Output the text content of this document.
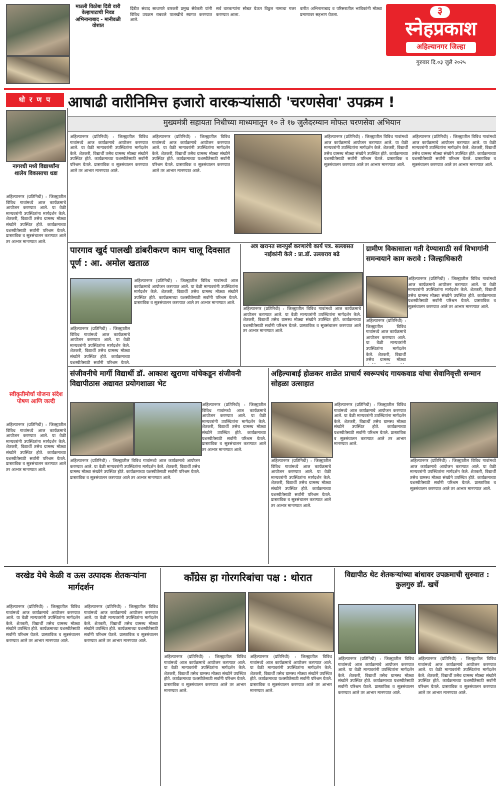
माउली विठोबा दिंडी वारी वेल्हापाटाची निवड अभिनानाबाद - मानीवळी वोशात
दिंडीत संवाद साधणारे वारकरी प्रमुख सेवेकरी यांनी विविध उपक्रम राबवले पालखीचे स्वागत करण्यात आले.
सर्व वारकऱ्यांना सोबत घेऊन विठ्ठल नामाचा गजर करण्यात आला.
वारीत अभिनानाबाद व परिसरातील भाविकांनी मोठ्या प्रमाणावर सहभाग घेतला.	३
स्नेहप्रकाश
अहिल्यानगर जिल्हा
गुरुवार दि.०३ जुलै २०२५
धो र ण प	आषाढी वारीनिमित्त हजारो वारकऱ्यांसाठी 'चरणसेवा' उपक्रम !
मुख्यमंत्री सहायता निधीच्या माध्यमातून १० ते १७ जुलैदरम्यान मोफत चरणसेवा अभियान
नागरधी मध्ये विद्यार्थ्यांना शालेय विकासाचा धडा
अहिल्यानगर (प्रतिनिधी) : जिल्ह्यातील विविध गावांमध्ये आज कार्यक्रमाचे आयोजन करण्यात आले. या वेळी मान्यवरांनी उपस्थितांना मार्गदर्शन केले. शेतकरी, विद्यार्थी तसेच ग्रामस्थ मोठ्या संख्येने उपस्थित होते. कार्यक्रमाच्या यशस्वीतेसाठी सर्वांनी परिश्रम घेतले. प्रास्ताविक व सूत्रसंचालन करण्यात आले तर आभार मानण्यात आले.
स्वीकृतीमोर्चा योजना संदेश पोषण आणि जल्दी
अहिल्यानगर (प्रतिनिधी) : जिल्ह्यातील विविध गावांमध्ये आज कार्यक्रमाचे आयोजन करण्यात आले. या वेळी मान्यवरांनी उपस्थितांना मार्गदर्शन केले. शेतकरी, विद्यार्थी तसेच ग्रामस्थ मोठ्या संख्येने उपस्थित होते. कार्यक्रमाच्या यशस्वीतेसाठी सर्वांनी परिश्रम घेतले. प्रास्ताविक व सूत्रसंचालन करण्यात आले तर आभार मानण्यात आले.
अहिल्यानगर (प्रतिनिधी) : जिल्ह्यातील विविध गावांमध्ये आज कार्यक्रमाचे आयोजन करण्यात आले. या वेळी मान्यवरांनी उपस्थितांना मार्गदर्शन केले. शेतकरी, विद्यार्थी तसेच ग्रामस्थ मोठ्या संख्येने उपस्थित होते. कार्यक्रमाच्या यशस्वीतेसाठी सर्वांनी परिश्रम घेतले. प्रास्ताविक व सूत्रसंचालन करण्यात आले तर आभार मानण्यात आले.
अहिल्यानगर (प्रतिनिधी) : जिल्ह्यातील विविध गावांमध्ये आज कार्यक्रमाचे आयोजन करण्यात आले. या वेळी मान्यवरांनी उपस्थितांना मार्गदर्शन केले. शेतकरी, विद्यार्थी तसेच ग्रामस्थ मोठ्या संख्येने उपस्थित होते. कार्यक्रमाच्या यशस्वीतेसाठी सर्वांनी परिश्रम घेतले. प्रास्ताविक व सूत्रसंचालन करण्यात आले तर आभार मानण्यात आले.
अहिल्यानगर (प्रतिनिधी) : जिल्ह्यातील विविध गावांमध्ये आज कार्यक्रमाचे आयोजन करण्यात आले. या वेळी मान्यवरांनी उपस्थितांना मार्गदर्शन केले. शेतकरी, विद्यार्थी तसेच ग्रामस्थ मोठ्या संख्येने उपस्थित होते. कार्यक्रमाच्या यशस्वीतेसाठी सर्वांनी परिश्रम घेतले. प्रास्ताविक व सूत्रसंचालन करण्यात आले तर आभार मानण्यात आले.
अहिल्यानगर (प्रतिनिधी) : जिल्ह्यातील विविध गावांमध्ये आज कार्यक्रमाचे आयोजन करण्यात आले. या वेळी मान्यवरांनी उपस्थितांना मार्गदर्शन केले. शेतकरी, विद्यार्थी तसेच ग्रामस्थ मोठ्या संख्येने उपस्थित होते. कार्यक्रमाच्या यशस्वीतेसाठी सर्वांनी परिश्रम घेतले. प्रास्ताविक व सूत्रसंचालन करण्यात आले तर आभार मानण्यात आले.
पारगाव खुर्द पालखी डांबरीकरण काम चालू दिवसात पूर्ण : आ. अमोल खताळ
अहिल्यानगर (प्रतिनिधी) : जिल्ह्यातील विविध गावांमध्ये आज कार्यक्रमाचे आयोजन करण्यात आले. या वेळी मान्यवरांनी उपस्थितांना मार्गदर्शन केले. शेतकरी, विद्यार्थी तसेच ग्रामस्थ मोठ्या संख्येने उपस्थित होते. कार्यक्रमाच्या यशस्वीतेसाठी सर्वांनी परिश्रम घेतले. प्रास्ताविक व सूत्रसंचालन करण्यात आले तर आभार मानण्यात आले.
अहिल्यानगर (प्रतिनिधी) : जिल्ह्यातील विविध गावांमध्ये आज कार्यक्रमाचे आयोजन करण्यात आले. या वेळी मान्यवरांनी उपस्थितांना मार्गदर्शन केले. शेतकरी, विद्यार्थी तसेच ग्रामस्थ मोठ्या संख्येने उपस्थित होते. कार्यक्रमाच्या यशस्वीतेसाठी सर्वांनी परिश्रम घेतले.
अत्र खरानत स्वनपुर्सं करणारंचे कार्य पत्र. सल्लासत नाईकांनी केले : प्रा.डॉ. उल्लाराव बढे
अहिल्यानगर (प्रतिनिधी) : जिल्ह्यातील विविध गावांमध्ये आज कार्यक्रमाचे आयोजन करण्यात आले. या वेळी मान्यवरांनी उपस्थितांना मार्गदर्शन केले. शेतकरी, विद्यार्थी तसेच ग्रामस्थ मोठ्या संख्येने उपस्थित होते. कार्यक्रमाच्या यशस्वीतेसाठी सर्वांनी परिश्रम घेतले. प्रास्ताविक व सूत्रसंचालन करण्यात आले तर आभार मानण्यात आले.
ग्रामीण विकासाला गती देण्यासाठी सर्व विभागांनी समन्वयाने काम करावे : जिल्हाधिकारी
अहिल्यानगर (प्रतिनिधी) : जिल्ह्यातील विविध गावांमध्ये आज कार्यक्रमाचे आयोजन करण्यात आले. या वेळी मान्यवरांनी उपस्थितांना मार्गदर्शन केले. शेतकरी, विद्यार्थी तसेच ग्रामस्थ मोठ्या संख्येने उपस्थित होते. कार्यक्रमाच्या यशस्वीतेसाठी सर्वांनी परिश्रम घेतले. प्रास्ताविक व सूत्रसंचालन करण्यात आले तर आभार मानण्यात आले.
अहिल्यानगर (प्रतिनिधी) : जिल्ह्यातील विविध गावांमध्ये आज कार्यक्रमाचे आयोजन करण्यात आले. या वेळी मान्यवरांनी उपस्थितांना मार्गदर्शन केले. शेतकरी, विद्यार्थी तसेच ग्रामस्थ मोठ्या
संजीवनीचे मार्गी विद्यार्थी डॉ. आकाश खुराणा यांचेकडून संजीवनी विद्यापीठास अद्यावत प्रयोगशाळा भेट
अहिल्यानगर (प्रतिनिधी) : जिल्ह्यातील विविध गावांमध्ये आज कार्यक्रमाचे आयोजन करण्यात आले. या वेळी मान्यवरांनी उपस्थितांना मार्गदर्शन केले. शेतकरी, विद्यार्थी तसेच ग्रामस्थ मोठ्या संख्येने उपस्थित होते. कार्यक्रमाच्या यशस्वीतेसाठी सर्वांनी परिश्रम घेतले. प्रास्ताविक व सूत्रसंचालन करण्यात आले तर आभार मानण्यात आले.
अहिल्यानगर (प्रतिनिधी) : जिल्ह्यातील विविध गावांमध्ये आज कार्यक्रमाचे आयोजन करण्यात आले. या वेळी मान्यवरांनी उपस्थितांना मार्गदर्शन केले. शेतकरी, विद्यार्थी तसेच ग्रामस्थ मोठ्या संख्येने उपस्थित होते. कार्यक्रमाच्या यशस्वीतेसाठी सर्वांनी परिश्रम घेतले. प्रास्ताविक व सूत्रसंचालन करण्यात आले तर आभार मानण्यात आले.
अहिल्याबाई होळकर शाळेत प्राचार्य स्वरूपचंद गायकवाड यांचा सेवानिवृत्ती सन्मान सोहळा उत्साहात
अहिल्यानगर (प्रतिनिधी) : जिल्ह्यातील विविध गावांमध्ये आज कार्यक्रमाचे आयोजन करण्यात आले. या वेळी मान्यवरांनी उपस्थितांना मार्गदर्शन केले. शेतकरी, विद्यार्थी तसेच ग्रामस्थ मोठ्या संख्येने उपस्थित होते. कार्यक्रमाच्या यशस्वीतेसाठी सर्वांनी परिश्रम घेतले. प्रास्ताविक व सूत्रसंचालन करण्यात आले तर आभार मानण्यात आले.
अहिल्यानगर (प्रतिनिधी) : जिल्ह्यातील विविध गावांमध्ये आज कार्यक्रमाचे आयोजन करण्यात आले. या वेळी मान्यवरांनी उपस्थितांना मार्गदर्शन केले. शेतकरी, विद्यार्थी तसेच ग्रामस्थ मोठ्या संख्येने उपस्थित होते. कार्यक्रमाच्या यशस्वीतेसाठी सर्वांनी परिश्रम घेतले. प्रास्ताविक व सूत्रसंचालन करण्यात आले तर आभार मानण्यात आले.
अहिल्यानगर (प्रतिनिधी) : जिल्ह्यातील विविध गावांमध्ये आज कार्यक्रमाचे आयोजन करण्यात आले. या वेळी मान्यवरांनी उपस्थितांना मार्गदर्शन केले. शेतकरी, विद्यार्थी तसेच ग्रामस्थ मोठ्या संख्येने उपस्थित होते. कार्यक्रमाच्या यशस्वीतेसाठी सर्वांनी परिश्रम घेतले. प्रास्ताविक व सूत्रसंचालन करण्यात आले तर आभार मानण्यात आले.
वरखेड येथे केळी व ऊस उत्पादक शेतकऱ्यांना मार्गदर्शन
अहिल्यानगर (प्रतिनिधी) : जिल्ह्यातील विविध गावांमध्ये आज कार्यक्रमाचे आयोजन करण्यात आले. या वेळी मान्यवरांनी उपस्थितांना मार्गदर्शन केले. शेतकरी, विद्यार्थी तसेच ग्रामस्थ मोठ्या संख्येने उपस्थित होते. कार्यक्रमाच्या यशस्वीतेसाठी सर्वांनी परिश्रम घेतले. प्रास्ताविक व सूत्रसंचालन करण्यात आले तर आभार मानण्यात आले.
अहिल्यानगर (प्रतिनिधी) : जिल्ह्यातील विविध गावांमध्ये आज कार्यक्रमाचे आयोजन करण्यात आले. या वेळी मान्यवरांनी उपस्थितांना मार्गदर्शन केले. शेतकरी, विद्यार्थी तसेच ग्रामस्थ मोठ्या संख्येने उपस्थित होते. कार्यक्रमाच्या यशस्वीतेसाठी सर्वांनी परिश्रम घेतले. प्रास्ताविक व सूत्रसंचालन करण्यात आले तर आभार मानण्यात आले.
काँग्रेस हा गोरगरिबांचा पक्ष : थोरात
अहिल्यानगर (प्रतिनिधी) : जिल्ह्यातील विविध गावांमध्ये आज कार्यक्रमाचे आयोजन करण्यात आले. या वेळी मान्यवरांनी उपस्थितांना मार्गदर्शन केले. शेतकरी, विद्यार्थी तसेच ग्रामस्थ मोठ्या संख्येने उपस्थित होते. कार्यक्रमाच्या यशस्वीतेसाठी सर्वांनी परिश्रम घेतले. प्रास्ताविक व सूत्रसंचालन करण्यात आले तर आभार मानण्यात आले.
अहिल्यानगर (प्रतिनिधी) : जिल्ह्यातील विविध गावांमध्ये आज कार्यक्रमाचे आयोजन करण्यात आले. या वेळी मान्यवरांनी उपस्थितांना मार्गदर्शन केले. शेतकरी, विद्यार्थी तसेच ग्रामस्थ मोठ्या संख्येने उपस्थित होते. कार्यक्रमाच्या यशस्वीतेसाठी सर्वांनी परिश्रम घेतले. प्रास्ताविक व सूत्रसंचालन करण्यात आले तर आभार मानण्यात आले.
विद्यापीठ थेट शेतकऱ्यांच्या बांधावर उपक्रमाची सुरुवात : कुलगुरु डॉ. खर्चे
अहिल्यानगर (प्रतिनिधी) : जिल्ह्यातील विविध गावांमध्ये आज कार्यक्रमाचे आयोजन करण्यात आले. या वेळी मान्यवरांनी उपस्थितांना मार्गदर्शन केले. शेतकरी, विद्यार्थी तसेच ग्रामस्थ मोठ्या संख्येने उपस्थित होते. कार्यक्रमाच्या यशस्वीतेसाठी सर्वांनी परिश्रम घेतले. प्रास्ताविक व सूत्रसंचालन करण्यात आले तर आभार मानण्यात आले.
अहिल्यानगर (प्रतिनिधी) : जिल्ह्यातील विविध गावांमध्ये आज कार्यक्रमाचे आयोजन करण्यात आले. या वेळी मान्यवरांनी उपस्थितांना मार्गदर्शन केले. शेतकरी, विद्यार्थी तसेच ग्रामस्थ मोठ्या संख्येने उपस्थित होते. कार्यक्रमाच्या यशस्वीतेसाठी सर्वांनी परिश्रम घेतले. प्रास्ताविक व सूत्रसंचालन करण्यात आले तर आभार मानण्यात आले.
